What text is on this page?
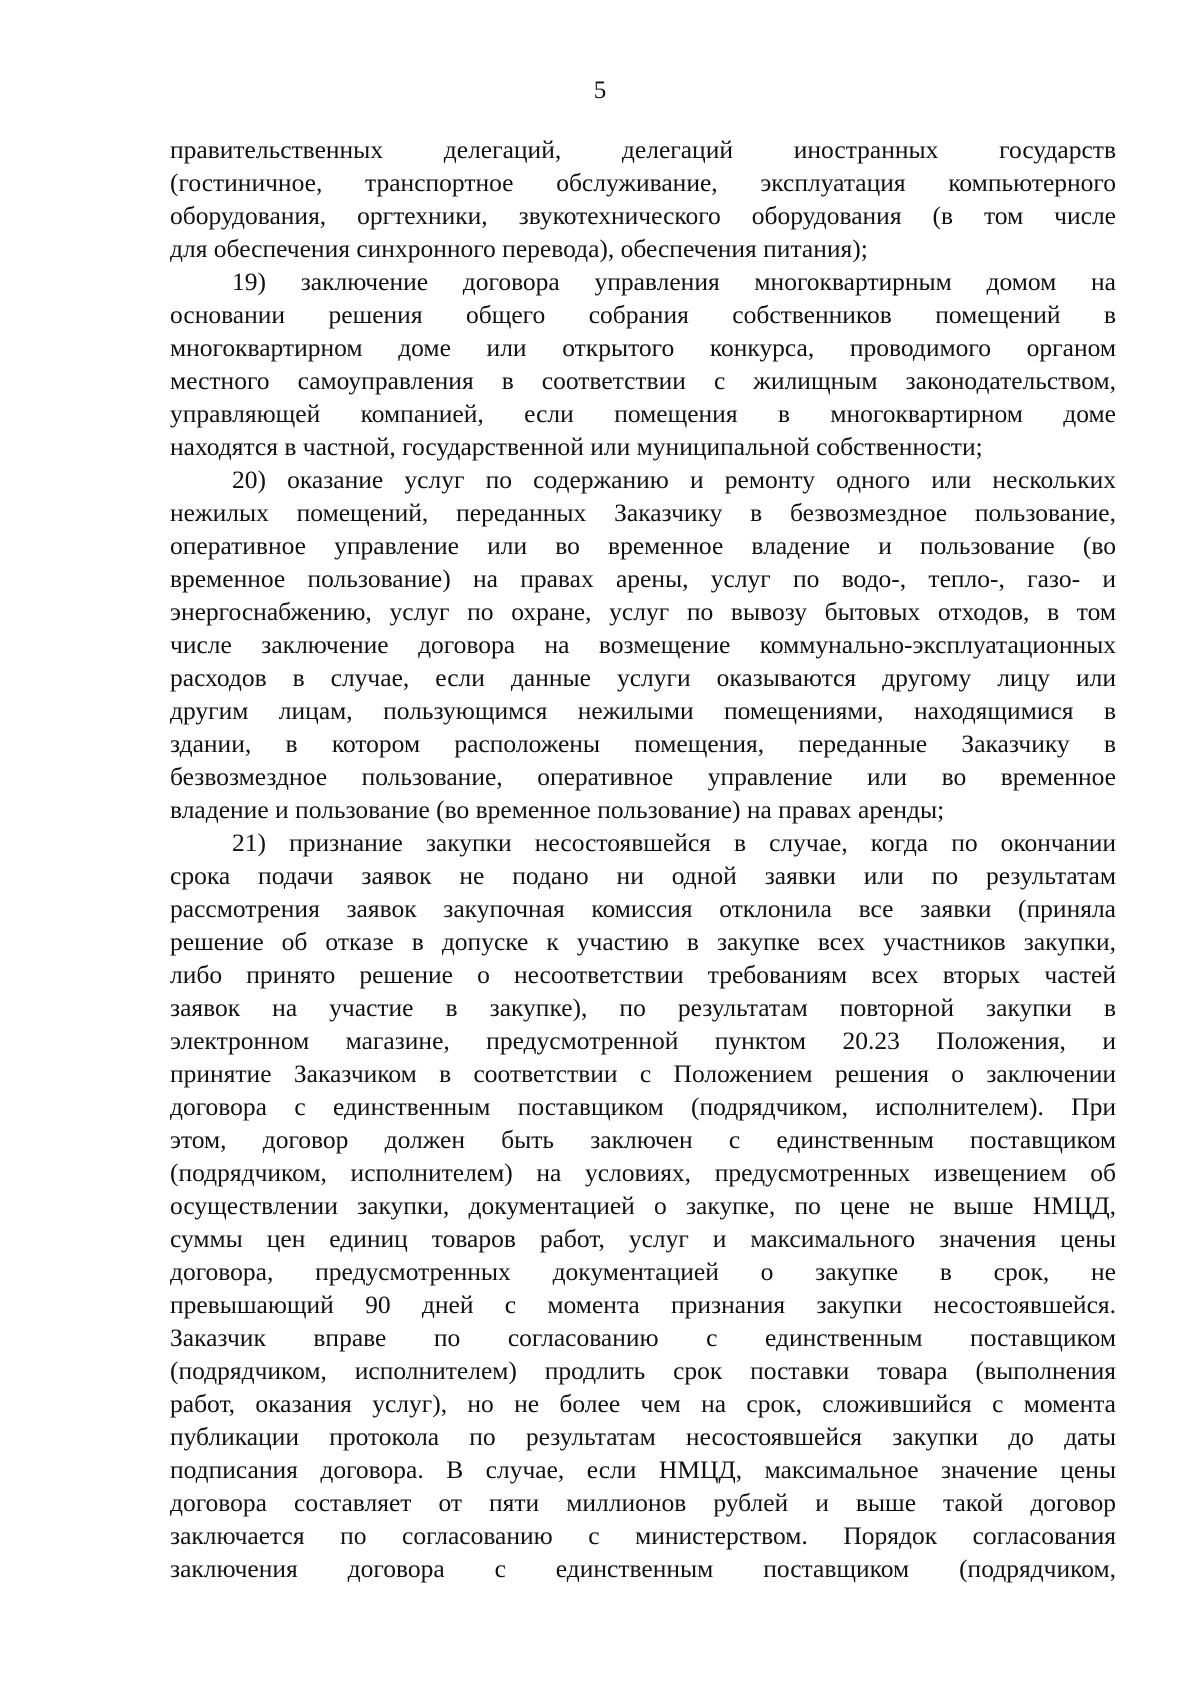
5
правительственных делегаций, делегаций иностранных государств
(гостиничное, транспортное обслуживание, эксплуатация компьютерного
оборудования, оргтехники, звукотехнического оборудования (в том числе
для обеспечения синхронного перевода), обеспечения питания);
19) заключение договора управления многоквартирным домом на
основании решения общего собрания собственников помещений в
многоквартирном доме или открытого конкурса, проводимого органом
местного самоуправления в соответствии с жилищным законодательством,
управляющей компанией, если помещения в многоквартирном доме
находятся в частной, государственной или муниципальной собственности;
20) оказание услуг по содержанию и ремонту одного или нескольких
нежилых помещений, переданных Заказчику в безвозмездное пользование,
оперативное управление или во временное владение и пользование (во
временное пользование) на правах арены, услуг по водо-, тепло-, газо- и
энергоснабжению, услуг по охране, услуг по вывозу бытовых отходов, в том
числе заключение договора на возмещение коммунально-эксплуатационных
расходов в случае, если данные услуги оказываются другому лицу или
другим лицам, пользующимся нежилыми помещениями, находящимися в
здании, в котором расположены помещения, переданные Заказчику в
безвозмездное пользование, оперативное управление или во временное
владение и пользование (во временное пользование) на правах аренды;
21) признание закупки несостоявшейся в случае, когда по окончании
срока подачи заявок не подано ни одной заявки или по результатам
рассмотрения заявок закупочная комиссия отклонила все заявки (приняла
решение об отказе в допуске к участию в закупке всех участников закупки,
либо принято решение о несоответствии требованиям всех вторых частей
заявок на участие в закупке), по результатам повторной закупки в
электронном магазине, предусмотренной пунктом 20.23 Положения, и
принятие Заказчиком в соответствии с Положением решения о заключении
договора с единственным поставщиком (подрядчиком, исполнителем). При
этом, договор должен быть заключен с единственным поставщиком
(подрядчиком, исполнителем) на условиях, предусмотренных извещением об
осуществлении закупки, документацией о закупке, по цене не выше НМЦД,
суммы цен единиц товаров работ, услуг и максимального значения цены
договора, предусмотренных документацией о закупке в срок, не
превышающий 90 дней с момента признания закупки несостоявшейся.
Заказчик вправе по согласованию с единственным поставщиком
(подрядчиком, исполнителем) продлить срок поставки товара (выполнения
работ, оказания услуг), но не более чем на срок, сложившийся с момента
публикации протокола по результатам несостоявшейся закупки до даты
подписания договора. В случае, если НМЦД, максимальное значение цены
договора составляет от пяти миллионов рублей и выше такой договор
заключается по согласованию с министерством. Порядок согласования
заключения договора с единственным поставщиком (подрядчиком,
